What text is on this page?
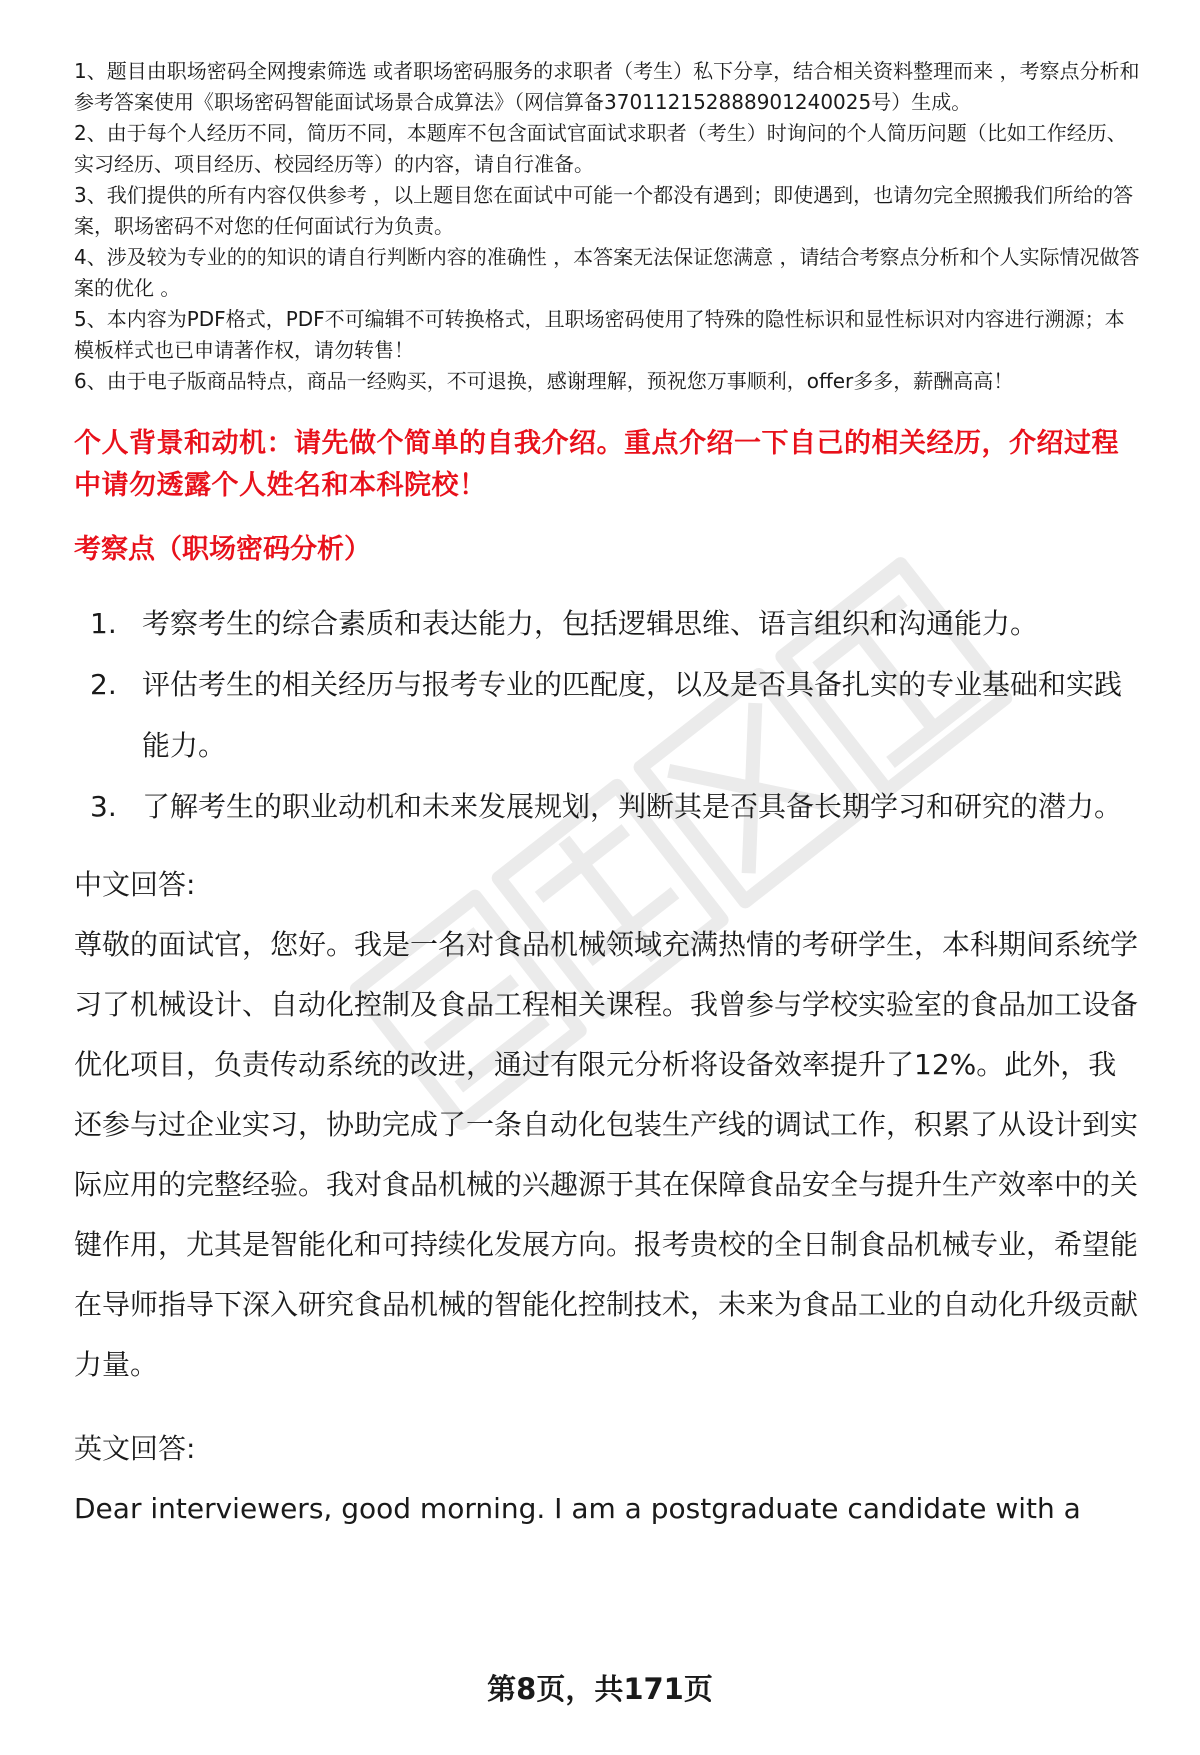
1、题目由职场密码全网搜索筛选 或者职场密码服务的求职者（考生）私下分享，结合相关资料整理而来 ，考察点分析和参考答案使用《职场密码智能面试场景合成算法》（网信算备370112152888901240025号）生成。

2、由于每个人经历不同，简历不同，本题库不包含面试官面试求职者（考生）时询问的个人简历问题（比如工作经历、实习经历、项目经历、校园经历等）的内容，请自行准备。

3、我们提供的所有内容仅供参考 ，以上题目您在面试中可能一个都没有遇到；即使遇到，也请勿完全照搬我们所给的答案，职场密码不对您的任何面试行为负责。

4、涉及较为专业的的知识的请自行判断内容的准确性 ，本答案无法保证您满意 ，请结合考察点分析和个人实际情况做答案的优化 。

5、本内容为PDF格式，PDF不可编辑不可转换格式，且职场密码使用了特殊的隐性标识和显性标识对内容进行溯源；本模板样式也已申请著作权，请勿转售！

6、由于电子版商品特点，商品一经购买，不可退换，感谢理解，预祝您万事顺利，offer多多，薪酬高高！

个人背景和动机：请先做个简单的自我介绍。重点介绍一下自己的相关经历，介绍过程中请勿透露个人姓名和本科院校！
考察点（职场密码分析）
1. 考察考生的综合素质和表达能力，包括逻辑思维、语言组织和沟通能力。
2. 评估考生的相关经历与报考专业的匹配度，以及是否具备扎实的专业基础和实践能力。
3. 了解考生的职业动机和未来发展规划，判断其是否具备长期学习和研究的潜力。

中文回答:

尊敬的面试官，您好。我是一名对食品机械领域充满热情的考研学生，本科期间系统学习了机械设计、自动化控制及食品工程相关课程。我曾参与学校实验室的食品加工设备优化项目，负责传动系统的改进，通过有限元分析将设备效率提升了12%。此外，我还参与过企业实习，协助完成了一条自动化包装生产线的调试工作，积累了从设计到实际应用的完整经验。我对食品机械的兴趣源于其在保障食品安全与提升生产效率中的关键作用，尤其是智能化和可持续化发展方向。报考贵校的全日制食品机械专业，希望能在导师指导下深入研究食品机械的智能化控制技术，未来为食品工业的自动化升级贡献力量。

英文回答:

Dear interviewers, good morning. I am a postgraduate candidate with a

第8页，共171页
